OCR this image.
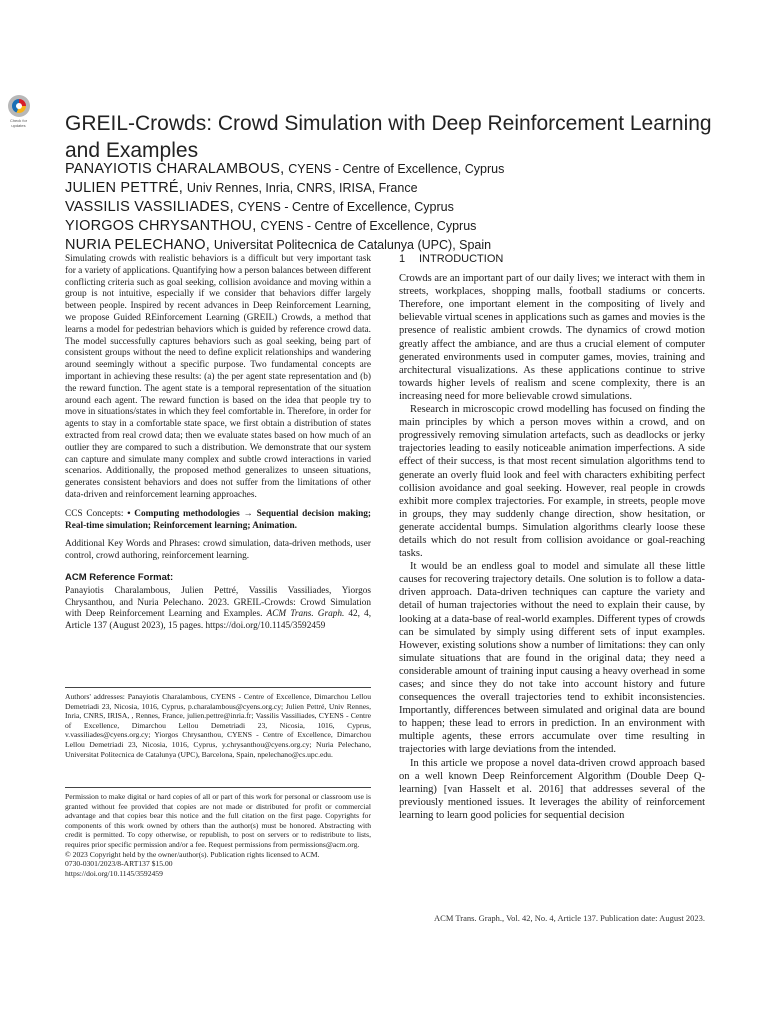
Check for
updates	GREIL-Crowds: Crowd Simulation with Deep Reinforcement Learning and Examples
PANAYIOTIS CHARALAMBOUS, CYENS - Centre of Excellence, Cyprus
JULIEN PETTRÉ, Univ Rennes, Inria, CNRS, IRISA, France
VASSILIS VASSILIADES, CYENS - Centre of Excellence, Cyprus
YIORGOS CHRYSANTHOU, CYENS - Centre of Excellence, Cyprus
NURIA PELECHANO, Universitat Politecnica de Catalunya (UPC), Spain

Simulating crowds with realistic behaviors is a difficult but very important task for a variety of applications. Quantifying how a person balances between different conflicting criteria such as goal seeking, collision avoidance and moving within a group is not intuitive, especially if we consider that behaviors differ largely between people. Inspired by recent advances in Deep Reinforcement Learning, we propose Guided REinforcement Learning (GREIL) Crowds, a method that learns a model for pedestrian behaviors which is guided by reference crowd data. The model successfully captures behaviors such as goal seeking, being part of consistent groups without the need to define explicit relationships and wandering around seemingly without a specific purpose. Two fundamental concepts are important in achieving these results: (a) the per agent state representation and (b) the reward function. The agent state is a temporal representation of the situation around each agent. The reward function is based on the idea that people try to move in situations/states in which they feel comfortable in. Therefore, in order for agents to stay in a comfortable state space, we first obtain a distribution of states extracted from real crowd data; then we evaluate states based on how much of an outlier they are compared to such a distribution. We demonstrate that our system can capture and simulate many complex and subtle crowd interactions in varied scenarios. Additionally, the proposed method generalizes to unseen situations, generates consistent behaviors and does not suffer from the limitations of other data-driven and reinforcement learning approaches.

CCS Concepts: • Computing methodologies → Sequential decision making; Real-time simulation; Reinforcement learning; Animation.

Additional Key Words and Phrases: crowd simulation, data-driven methods, user control, crowd authoring, reinforcement learning.

ACM Reference Format:

Panayiotis Charalambous, Julien Pettré, Vassilis Vassiliades, Yiorgos Chrysanthou, and Nuria Pelechano. 2023. GREIL-Crowds: Crowd Simulation with Deep Reinforcement Learning and Examples. ACM Trans. Graph. 42, 4, Article 137 (August 2023), 15 pages. https://doi.org/10.1145/3592459

Authors' addresses: Panayiotis Charalambous, CYENS - Centre of Excellence, Dimarchou Lellou Demetriadi 23, Nicosia, 1016, Cyprus, p.charalambous@cyens.org.cy; Julien Pettré, Univ Rennes, Inria, CNRS, IRISA, , Rennes, France, julien.pettre@inria.fr; Vassilis Vassiliades, CYENS - Centre of Excellence, Dimarchou Lellou Demetriadi 23, Nicosia, 1016, Cyprus, v.vassiliades@cyens.org.cy; Yiorgos Chrysanthou, CYENS - Centre of Excellence, Dimarchou Lellou Demetriadi 23, Nicosia, 1016, Cyprus, y.chrysanthou@cyens.org.cy; Nuria Pelechano, Universitat Politecnica de Catalunya (UPC), Barcelona, Spain, npelechano@cs.upc.edu.
Permission to make digital or hard copies of all or part of this work for personal or classroom use is granted without fee provided that copies are not made or distributed for profit or commercial advantage and that copies bear this notice and the full citation on the first page. Copyrights for components of this work owned by others than the author(s) must be honored. Abstracting with credit is permitted. To copy otherwise, or republish, to post on servers or to redistribute to lists, requires prior specific permission and/or a fee. Request permissions from permissions@acm.org.
© 2023 Copyright held by the owner/author(s). Publication rights licensed to ACM.
0730-0301/2023/8-ART137 $15.00
https://doi.org/10.1145/3592459
1 INTRODUCTION

Crowds are an important part of our daily lives; we interact with them in streets, workplaces, shopping malls, football stadiums or concerts. Therefore, one important element in the compositing of lively and believable virtual scenes in applications such as games and movies is the presence of realistic ambient crowds. The dynamics of crowd motion greatly affect the ambiance, and are thus a crucial element of computer generated environments used in computer games, movies, training and architectural visualizations. As these applications continue to strive towards higher levels of realism and scene complexity, there is an increasing need for more believable crowd simulations.

Research in microscopic crowd modelling has focused on finding the main principles by which a person moves within a crowd, and on progressively removing simulation artefacts, such as deadlocks or jerky trajectories leading to easily noticeable animation imperfections. A side effect of their success, is that most recent simulation algorithms tend to generate an overly fluid look and feel with characters exhibiting perfect collision avoidance and goal seeking. However, real people in crowds exhibit more complex trajectories. For example, in streets, people move in groups, they may suddenly change direction, show hesitation, or generate accidental bumps. Simulation algorithms clearly loose these details which do not result from collision avoidance or goal-reaching tasks.

It would be an endless goal to model and simulate all these little causes for recovering trajectory details. One solution is to follow a data-driven approach. Data-driven techniques can capture the variety and detail of human trajectories without the need to explain their cause, by looking at a data-base of real-world examples. Different types of crowds can be simulated by simply using different sets of input examples. However, existing solutions show a number of limitations: they can only simulate situations that are found in the original data; they need a considerable amount of training input causing a heavy overhead in some cases; and since they do not take into account history and future consequences the overall trajectories tend to exhibit inconsistencies. Importantly, differences between simulated and original data are bound to happen; these lead to errors in prediction. In an environment with multiple agents, these errors accumulate over time resulting in trajectories with large deviations from the intended.

In this article we propose a novel data-driven crowd approach based on a well known Deep Reinforcement Algorithm (Double Deep Q-learning) [van Hasselt et al. 2016] that addresses several of the previously mentioned issues. It leverages the ability of reinforcement learning to learn good policies for sequential decision

ACM Trans. Graph., Vol. 42, No. 4, Article 137. Publication date: August 2023.
